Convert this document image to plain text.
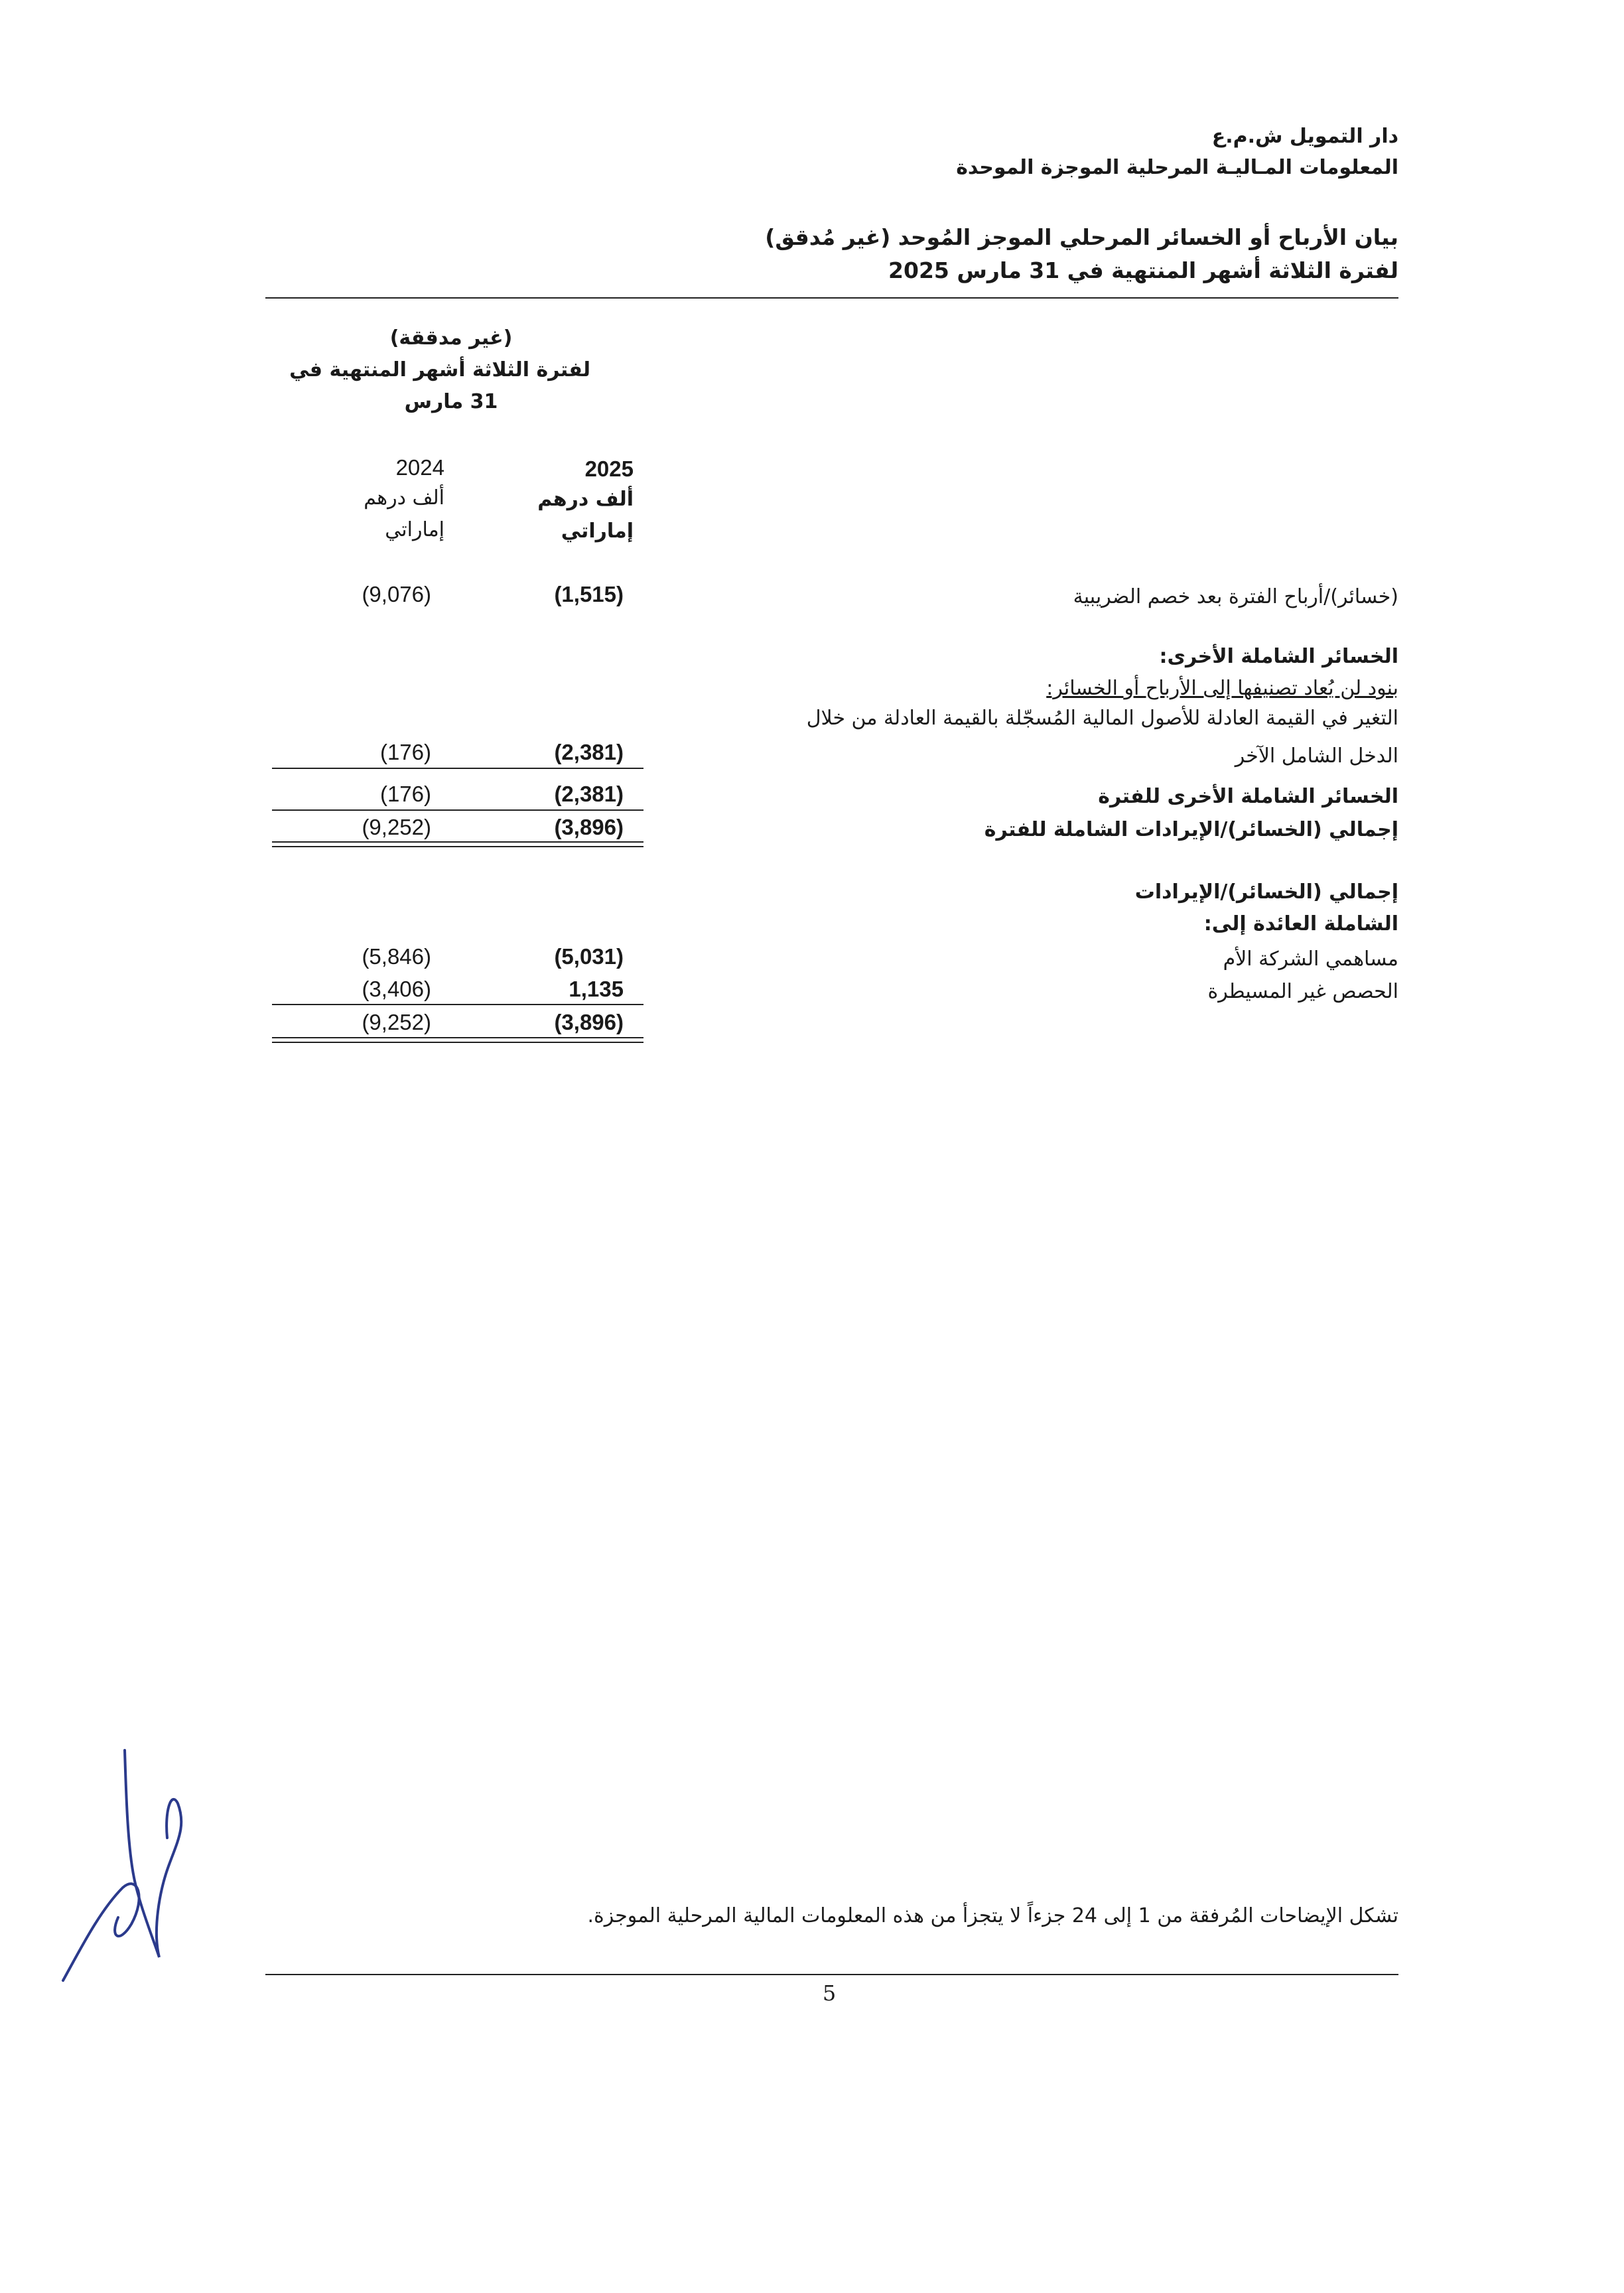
دار التمويل ش.م.ع
المعلومات المـاليـة المرحلية الموجزة الموحدة
بيان الأرباح أو الخسائر المرحلي الموجز المُوحد (غير مُدقق)
لفترة الثلاثة أشهر المنتهية في 31 مارس 2025
(غير مدققة)
لفترة الثلاثة أشهر المنتهية في
31 مارس
2025
2024
ألف درهم
ألف درهم
إماراتي
إماراتي
(خسائر)/أرباح الفترة بعد خصم الضريبية
(1,515)
(9,076)
الخسائر الشاملة الأخرى:
بنود لن يُعاد تصنيفها إلى الأرباح أو الخسائر:
التغير في القيمة العادلة للأصول المالية المُسجّلة بالقيمة العادلة من خلال
الدخل الشامل الآخر
(2,381)
(176)
الخسائر الشاملة الأخرى للفترة
(2,381)
(176)
إجمالي (الخسائر)/الإيرادات الشاملة للفترة
(3,896)
(9,252)
إجمالي (الخسائر)/الإيرادات
الشاملة العائدة إلى:
مساهمي الشركة الأم
(5,031)
(5,846)
الحصص غير المسيطرة
1,135
(3,406)
(3,896)
(9,252)
تشكل الإيضاحات المُرفقة من 1 إلى 24 جزءاً لا يتجزأ من هذه المعلومات المالية المرحلية الموجزة.
5
